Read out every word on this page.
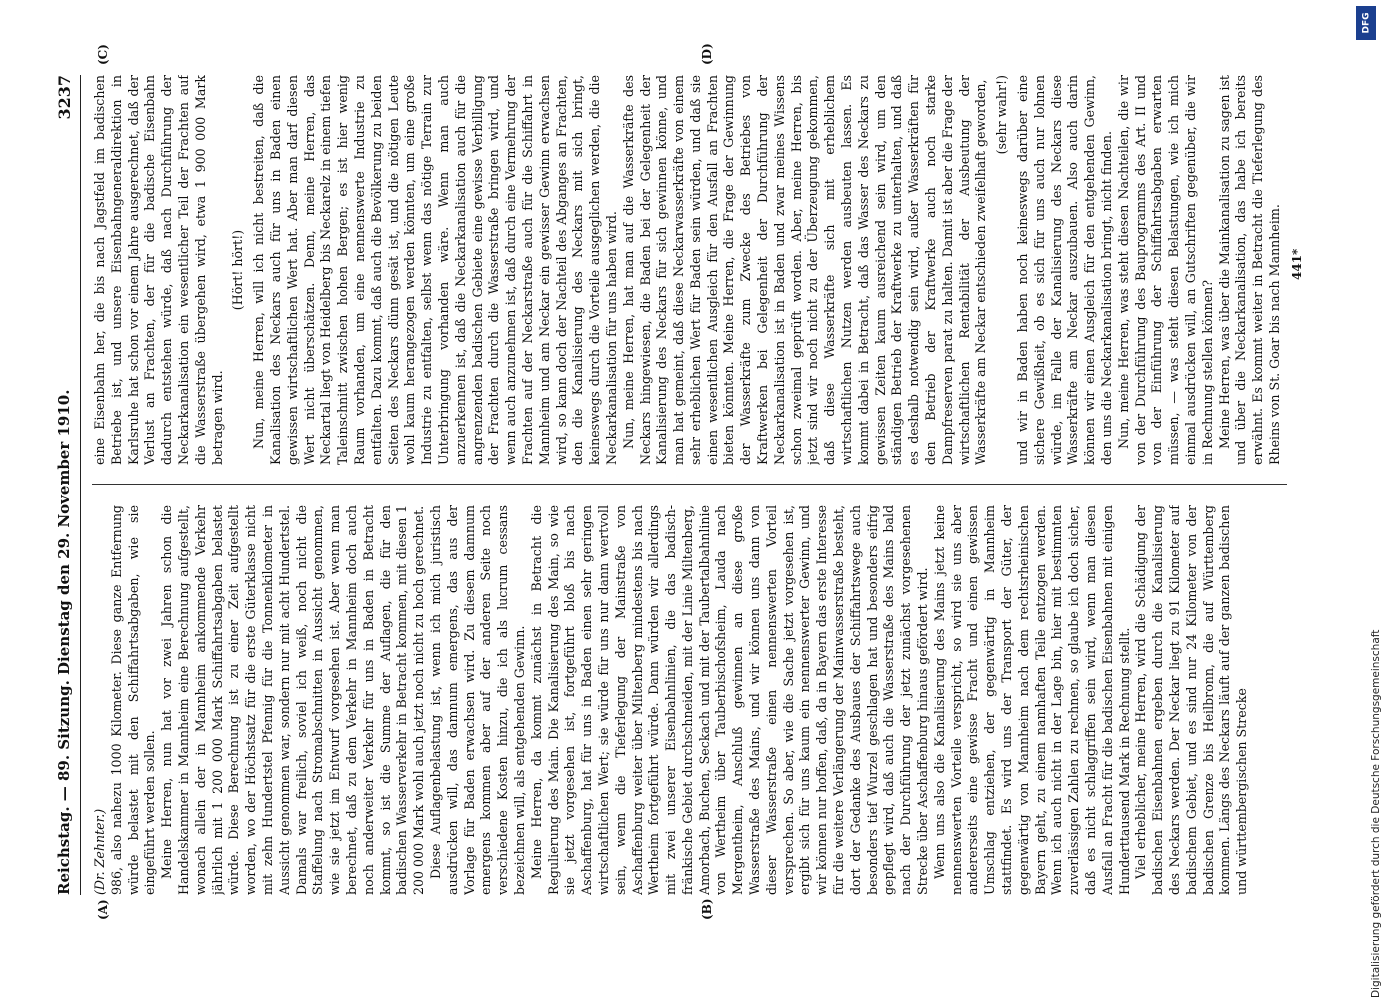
Reichstag. — 89. Sitzung. Dienstag den 29. November 1910.
3237
(A)	(B)
(C)	(D)

(Dr. Zehnter.) 986, also nahezu 1000 Kilometer. Diese ganze Entfernung würde belastet mit den Schiffahrtsabgaben, wie sie eingeführt werden sollen. Meine Herren, nun hat vor zwei Jahren schon die Handelskammer in Mannheim eine Berechnung aufgestellt, wonach allein der in Mannheim ankommende Verkehr jährlich mit 1 200 000 Mark Schiffahrtsabgaben belastet würde. Diese Berechnung ist zu einer Zeit aufgestellt worden, wo der Höchstsatz für die erste Güterklasse nicht mit zehn Hundertstel Pfennig für die Tonnenkilometer in Aussicht genommen war, sondern nur mit acht Hundertstel. Damals war freilich, soviel ich weiß, noch nicht die Staffelung nach Stromabschnitten in Aussicht genommen, wie sie jetzt im Entwurf vorgesehen ist. Aber wenn man berechnet, daß zu dem Verkehr in Mannheim doch auch noch anderweiter Verkehr für uns in Baden in Betracht kommt, so ist die Summe der Auflagen, die für den badischen Wasserverkehr in Betracht kommen, mit diesen 1 200 000 Mark wohl auch jetzt noch nicht zu hoch gerechnet. Diese Auflagenbelastung ist, wenn ich mich juristisch ausdrücken will, das damnum emergens, das aus der Vorlage für Baden erwachsen wird. Zu diesem damnum emergens kommen aber auf der anderen Seite noch verschiedene Kosten hinzu, die ich als lucrum cessans bezeichnen will, als entgehenden Gewinn. Meine Herren, da kommt zunächst in Betracht die Regulierung des Main. Die Kanalisierung des Main, so wie sie jetzt vorgesehen ist, fortgeführt bloß bis nach Aschaffenburg, hat für uns in Baden einen sehr geringen wirtschaftlichen Wert; sie würde für uns nur dann wertvoll sein, wenn die Tieferlegung der Mainstraße von Aschaffenburg weiter über Miltenberg mindestens bis nach Wertheim fortgeführt würde. Dann würden wir allerdings mit zwei unserer Eisenbahnlinien, die das badisch-fränkische Gebiet durchschneiden, mit der Linie Miltenberg, Amorbach, Buchen, Seckach und mit der Taubertalbahnlinie von Wertheim über Tauberbischofsheim, Lauda nach Mergentheim, Anschluß gewinnen an diese große Wasserstraße des Mains, und wir können uns dann von dieser Wasserstraße einen nennenswerten Vorteil versprechen. So aber, wie die Sache jetzt vorgesehen ist, ergibt sich für uns kaum ein nennenswerter Gewinn, und wir können nur hoffen, daß, da in Bayern das erste Interesse für die weitere Verlängerung der Mainwasserstraße besteht, dort der Gedanke des Ausbaues der Schiffahrtswege auch besonders tief Wurzel geschlagen hat und besonders eifrig gepflegt wird, daß auch die Wasserstraße des Mains bald nach der Durchführung der jetzt zunächst vorgesehenen Strecke über Aschaffenburg hinaus gefördert wird. Wenn uns also die Kanalisierung des Mains jetzt keine nennenswerten Vorteile verspricht, so wird sie uns aber andererseits eine gewisse Fracht und einen gewissen Umschlag entziehen, der gegenwärtig in Mannheim stattfindet. Es wird uns der Transport der Güter, der gegenwärtig von Mannheim nach dem rechtsrheinischen Bayern geht, zu einem namhaften Teile entzogen werden. Wenn ich auch nicht in der Lage bin, hier mit bestimmten zuverlässigen Zahlen zu rechnen, so glaube ich doch sicher, daß es nicht schlaggriffen sein wird, wenn man diesen Ausfall an Fracht für die badischen Eisenbahnen mit einigen Hunderttausend Mark in Rechnung stellt. Viel erheblicher, meine Herren, wird die Schädigung der badischen Eisenbahnen ergeben durch die Kanalisierung des Neckars werden. Der Neckar liegt zu 91 Kilometer auf badischem Gebiet, und es sind nur 24 Kilometer von der badischen Grenze bis Heilbronn, die auf Württemberg kommen. Längs des Neckars läuft auf der ganzen badischen und württembergischen Strecke

eine Eisenbahn her, die bis nach Jagstfeld im badischen Betriebe ist, und unsere Eisenbahngeneraldirektion in Karlsruhe hat schon vor einem Jahre ausgerechnet, daß der Verlust an Frachten, der für die badische Eisenbahn dadurch entstehen würde, daß nach Durchführung der Neckarkanalisation ein wesentlicher Teil der Frachten auf die Wasserstraße übergehen wird, etwa 1 900 000 Mark betragen wird.

(Hört! hört!) Nun, meine Herren, will ich nicht bestreiten, daß die Kanalisation des Neckars auch für uns in Baden einen gewissen wirtschaftlichen Wert hat. Aber man darf diesen Wert nicht überschätzen. Denn, meine Herren, das Neckartal liegt von Heidelberg bis Neckarelz in einem tiefen Taleinschnitt zwischen hohen Bergen; es ist hier wenig Raum vorhanden, um eine nennenswerte Industrie zu entfalten. Dazu kommt, daß auch die Bevölkerung zu beiden Seiten des Neckars dünn gesät ist, und die nötigen Leute wohl kaum herangezogen werden könnten, um eine große Industrie zu entfalten, selbst wenn das nötige Terrain zur Unterbringung vorhanden wäre. Wenn man auch anzuerkennen ist, daß die Neckarkanalisation auch für die angrenzenden badischen Gebiete eine gewisse Verbilligung der Frachten durch die Wasserstraße bringen wird, und wenn auch anzunehmen ist, daß durch eine Vermehrung der Frachten auf der Neckarstraße auch für die Schiffahrt in Mannheim und am Neckar ein gewisser Gewinn erwachsen wird, so kann doch der Nachteil des Abganges an Frachten, den die Kanalisierung des Neckars mit sich bringt, keineswegs durch die Vorteile ausgeglichen werden, die die Neckarkanalisation für uns haben wird. Nun, meine Herren, hat man auf die Wasserkräfte des Neckars hingewiesen, die Baden bei der Gelegenheit der Kanalisierung des Neckars für sich gewinnen könne, und man hat gemeint, daß diese Neckarwasserkräfte von einem sehr erheblichen Wert für Baden sein würden, und daß sie einen wesentlichen Ausgleich für den Ausfall an Frachten bieten könnten. Meine Herren, die Frage der Gewinnung der Wasserkräfte zum Zwecke des Betriebes von Kraftwerken bei Gelegenheit der Durchführung der Neckarkanalisation ist in Baden und zwar meines Wissens schon zweimal geprüft worden. Aber, meine Herren, bis jetzt sind wir noch nicht zu der Überzeugung gekommen, daß diese Wasserkräfte sich mit erheblichem wirtschaftlichen Nutzen werden ausbeuten lassen. Es kommt dabei in Betracht, daß das Wasser des Neckars zu gewissen Zeiten kaum ausreichend sein wird, um den ständigen Betrieb der Kraftwerke zu unterhalten, und daß es deshalb notwendig sein wird, außer Wasserkräften für den Betrieb der Kraftwerke auch noch starke Dampfreserven parat zu halten. Damit ist aber die Frage der wirtschaftlichen Rentabilität der Ausbeutung der Wasserkräfte am Neckar entschieden zweifelhaft geworden, (sehr wahr!) und wir in Baden haben noch keineswegs darüber eine sichere Gewißheit, ob es sich für uns auch nur lohnen würde, im Falle der Kanalisierung des Neckars diese Wasserkräfte am Neckar auszubauen. Also auch darin können wir einen Ausgleich für den entgehenden Gewinn, den uns die Neckarkanalisation bringt, nicht finden. Nun, meine Herren, was steht diesen Nachteilen, die wir von der Durchführung des Bauprogramms des Art. II und von der Einführung der Schiffahrtsabgaben erwarten müssen, — was steht diesen Belastungen, wie ich mich einmal ausdrücken will, an Gutschriften gegenüber, die wir in Rechnung stellen können? Meine Herren, was über die Mainkanalisation zu sagen ist und über die Neckarkanalisation, das habe ich bereits erwähnt. Es kommt weiter in Betracht die Tieferlegung des Rheins von St. Goar bis nach Mannheim. 441*
DFG
Digitalisierung gefördert durch die Deutsche Forschungsgemeinschaft
